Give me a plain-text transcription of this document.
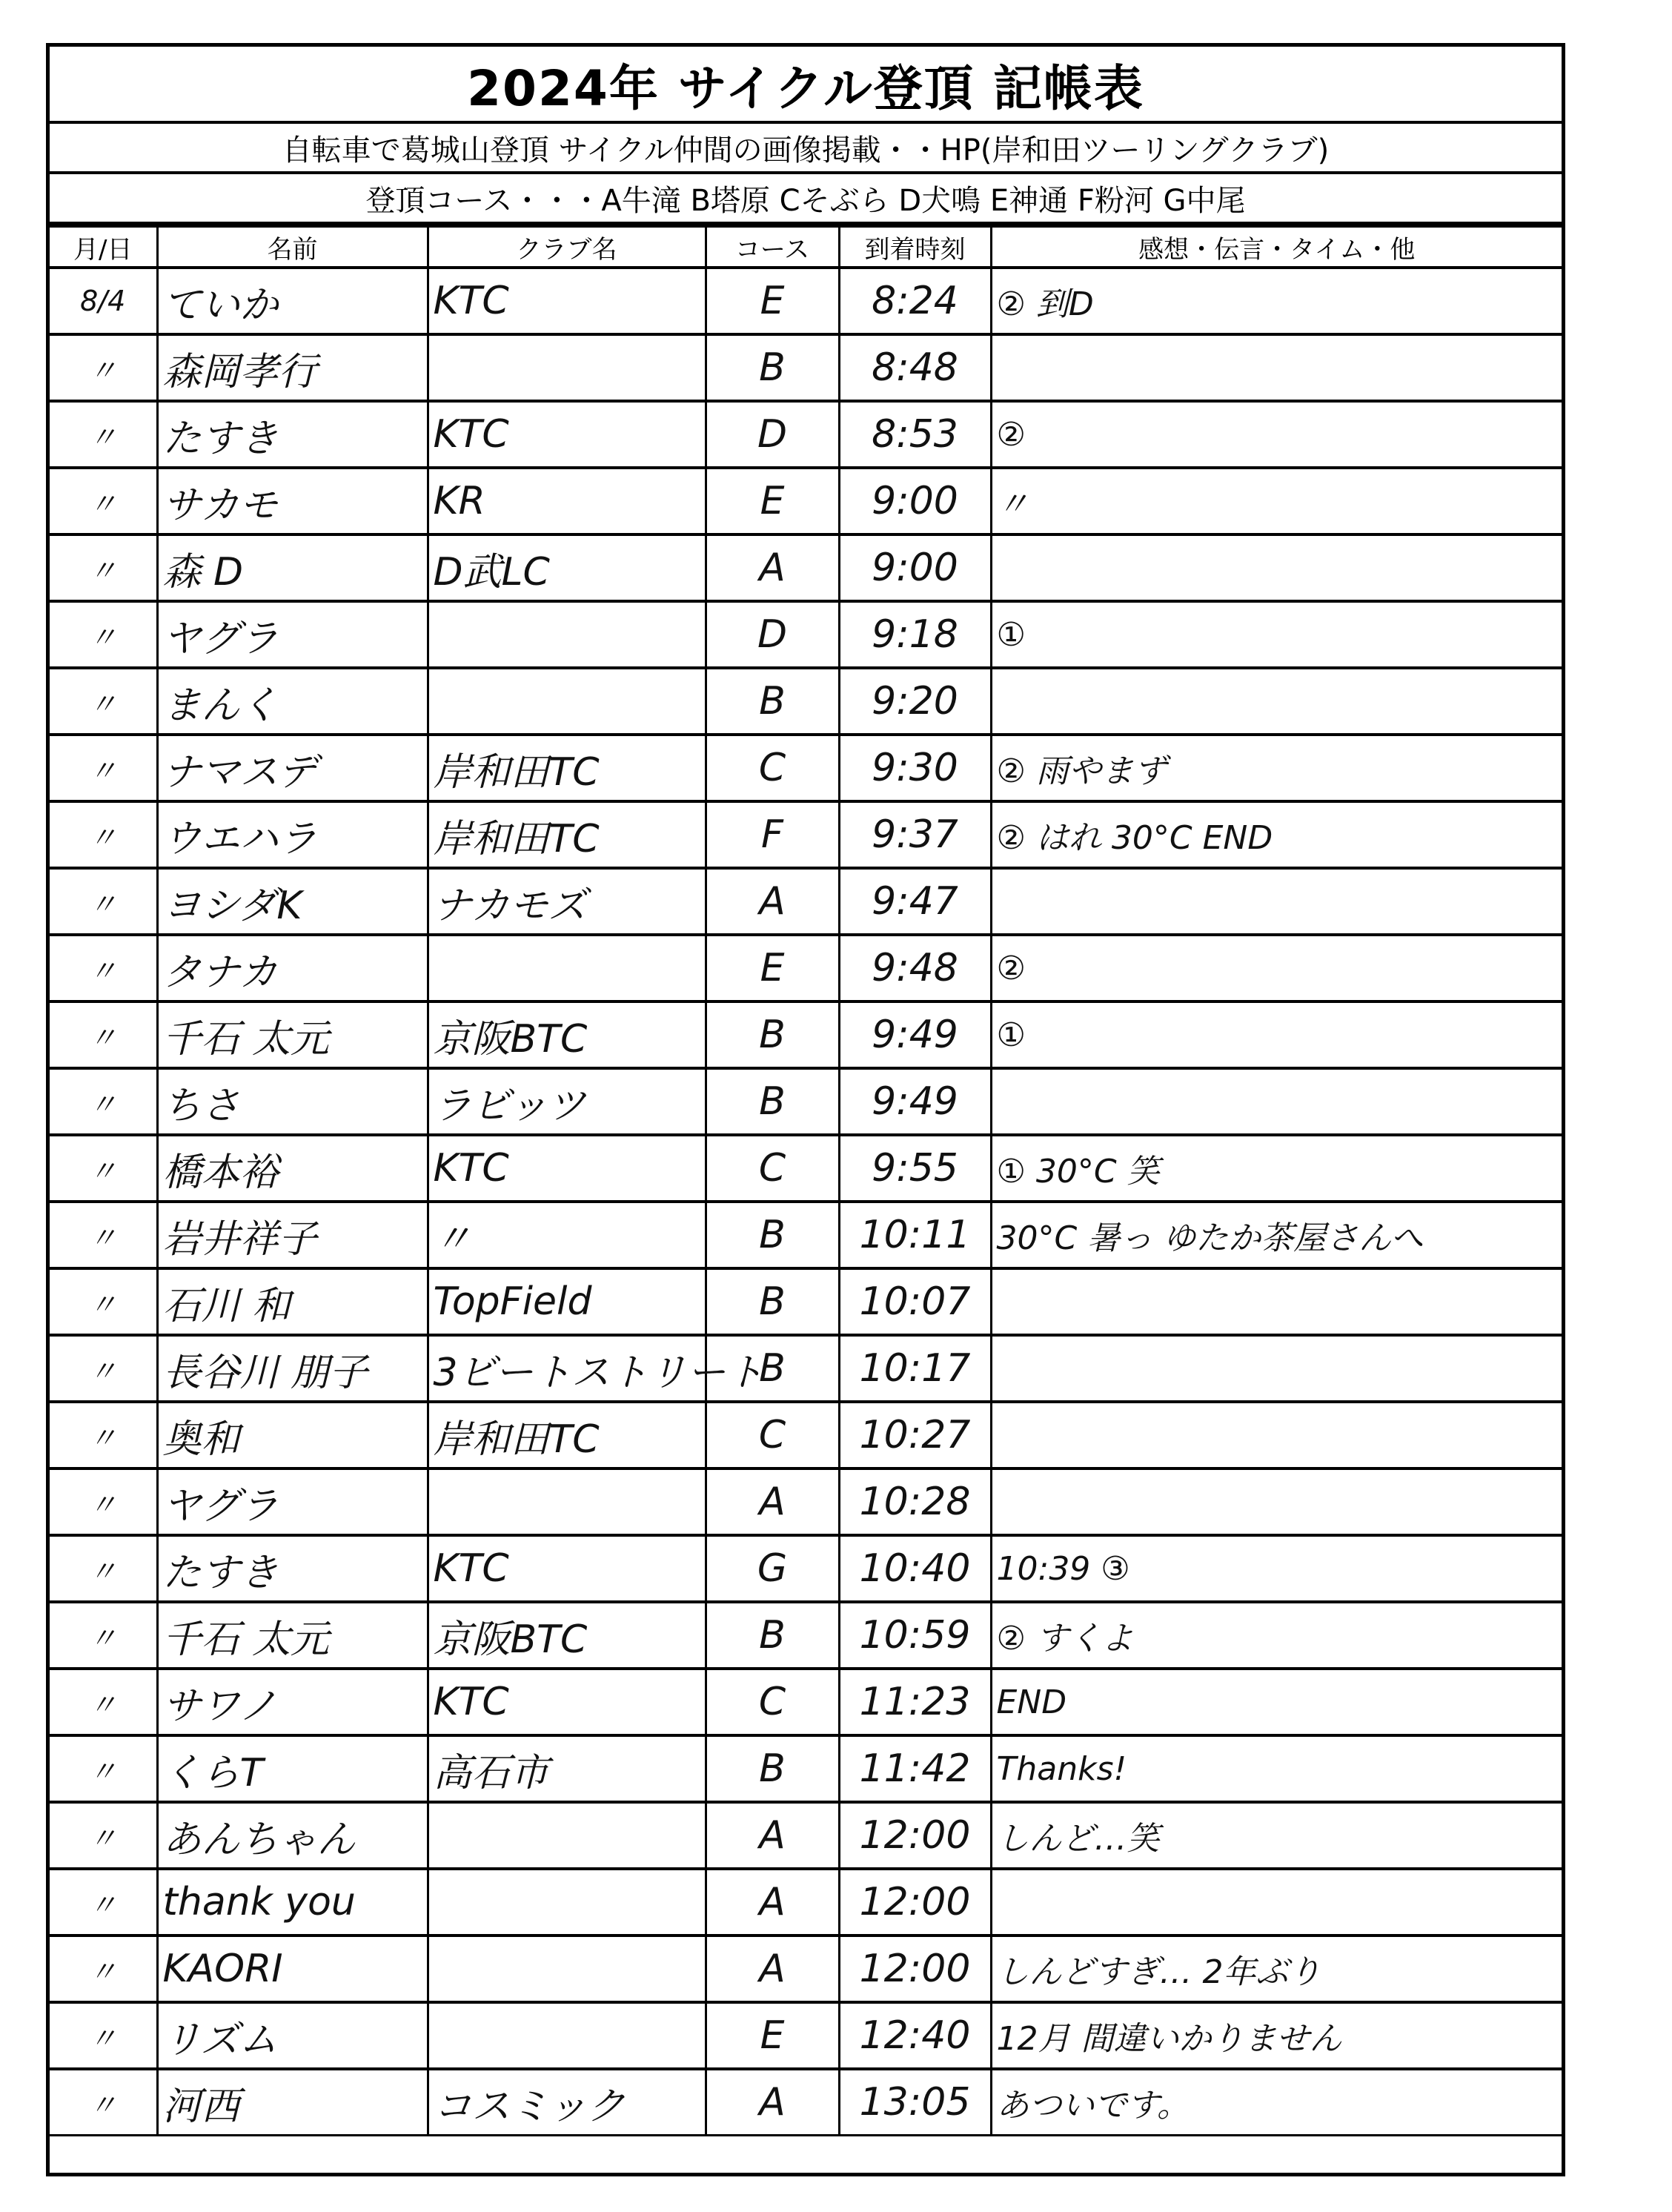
2024年 サイクル登頂 記帳表
自転車で葛城山登頂 サイクル仲間の画像掲載・・HP(岸和田ツーリングクラブ)
登頂コース・・・A牛滝 B塔原 Cそぶら D犬鳴 E神通 F粉河 G中尾
月/日	名前	クラブ名	コース	到着時刻	感想・伝言・タイム・他
8/4	ていか	KTC	E	8:24	② 到D
〃	森岡孝行		B	8:48	
〃	たすき	KTC	D	8:53	②
〃	サカモ	KR	E	9:00	〃
〃	森 D	D武LC	A	9:00	
〃	ヤグラ		D	9:18	①
〃	まんく		B	9:20	
〃	ナマスデ	岸和田TC	C	9:30	② 雨やまず
〃	ウエハラ	岸和田TC	F	9:37	② はれ 30°C END
〃	ヨシダK	ナカモズ	A	9:47	
〃	タナカ		E	9:48	②
〃	千石 太元	京阪BTC	B	9:49	①
〃	ちさ	ラビッツ	B	9:49	
〃	橋本裕	KTC	C	9:55	① 30°C 笑
〃	岩井祥子	〃	B	10:11	30°C 暑っ ゆたか茶屋さんへ
〃	石川 和	TopField	B	10:07	
〃	長谷川 朋子	3ビートストリート	B	10:17	
〃	奥和	岸和田TC	C	10:27	
〃	ヤグラ		A	10:28	
〃	たすき	KTC	G	10:40	10:39 ③
〃	千石 太元	京阪BTC	B	10:59	② すくよ
〃	サワノ	KTC	C	11:23	END
〃	くらT	高石市	B	11:42	Thanks!
〃	あんちゃん		A	12:00	しんど…笑
〃	thank you		A	12:00	
〃	KAORI		A	12:00	しんどすぎ… 2年ぶり
〃	リズム		E	12:40	12月 間違いかりません
〃	河西	コスミック	A	13:05	あついです。
